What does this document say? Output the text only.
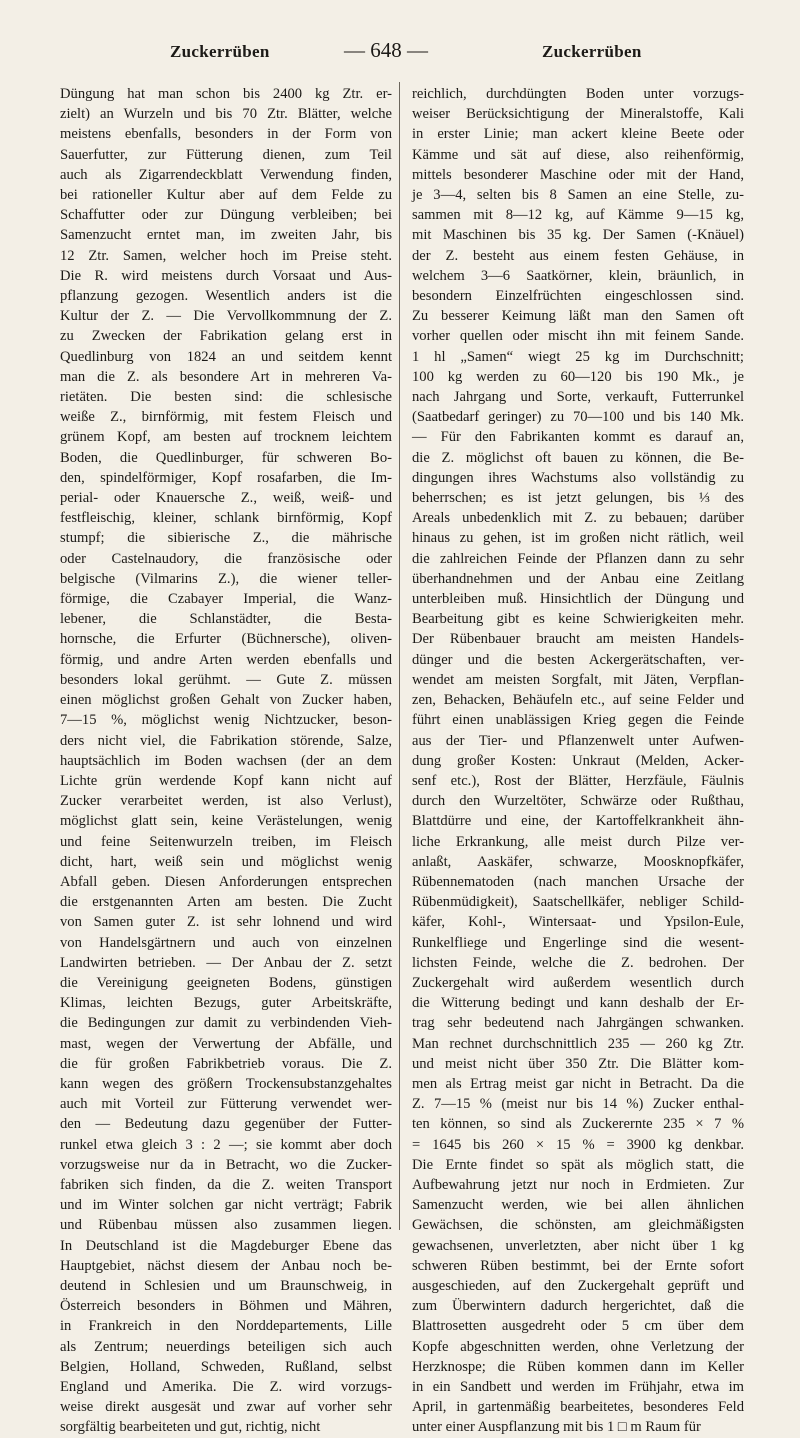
Zuckerrüben	— 648 —	Zuckerrüben

Düngung hat man schon bis 2400 kg Ztr. er-

zielt) an Wurzeln und bis 70 Ztr. Blätter, welche

meistens ebenfalls, besonders in der Form von

Sauerfutter, zur Fütterung dienen, zum Teil

auch als Zigarrendeckblatt Verwendung finden,

bei rationeller Kultur aber auf dem Felde zu

Schaffutter oder zur Düngung verbleiben; bei

Samenzucht erntet man, im zweiten Jahr, bis

12 Ztr. Samen, welcher hoch im Preise steht.

Die R. wird meistens durch Vorsaat und Aus-

pflanzung gezogen. Wesentlich anders ist die

Kultur der Z. — Die Vervollkommnung der Z.

zu Zwecken der Fabrikation gelang erst in

Quedlinburg von 1824 an und seitdem kennt

man die Z. als besondere Art in mehreren Va-

rietäten. Die besten sind: die schlesische

weiße Z., birnförmig, mit festem Fleisch und

grünem Kopf, am besten auf trocknem leichtem

Boden, die Quedlinburger, für schweren Bo-

den, spindelförmiger, Kopf rosafarben, die Im-

perial- oder Knauersche Z., weiß, weiß- und

festfleischig, kleiner, schlank birnförmig, Kopf

stumpf; die sibierische Z., die mährische

oder Castelnaudory, die französische oder

belgische (Vilmarins Z.), die wiener teller-

förmige, die Czabayer Imperial, die Wanz-

lebener, die Schlanstädter, die Besta-

hornsche, die Erfurter (Büchnersche), oliven-

förmig, und andre Arten werden ebenfalls und

besonders lokal gerühmt. — Gute Z. müssen

einen möglichst großen Gehalt von Zucker haben,

7—15 %, möglichst wenig Nichtzucker, beson-

ders nicht viel, die Fabrikation störende, Salze,

hauptsächlich im Boden wachsen (der an dem

Lichte grün werdende Kopf kann nicht auf

Zucker verarbeitet werden, ist also Verlust),

möglichst glatt sein, keine Verästelungen, wenig

und feine Seitenwurzeln treiben, im Fleisch

dicht, hart, weiß sein und möglichst wenig

Abfall geben. Diesen Anforderungen entsprechen

die erstgenannten Arten am besten. Die Zucht

von Samen guter Z. ist sehr lohnend und wird

von Handelsgärtnern und auch von einzelnen

Landwirten betrieben. — Der Anbau der Z. setzt

die Vereinigung geeigneten Bodens, günstigen

Klimas, leichten Bezugs, guter Arbeitskräfte,

die Bedingungen zur damit zu verbindenden Vieh-

mast, wegen der Verwertung der Abfälle, und

die für großen Fabrikbetrieb voraus. Die Z.

kann wegen des größern Trockensubstanzgehaltes

auch mit Vorteil zur Fütterung verwendet wer-

den — Bedeutung dazu gegenüber der Futter-

runkel etwa gleich 3 : 2 —; sie kommt aber doch

vorzugsweise nur da in Betracht, wo die Zucker-

fabriken sich finden, da die Z. weiten Transport

und im Winter solchen gar nicht verträgt; Fabrik

und Rübenbau müssen also zusammen liegen.

In Deutschland ist die Magdeburger Ebene das

Hauptgebiet, nächst diesem der Anbau noch be-

deutend in Schlesien und um Braunschweig, in

Österreich besonders in Böhmen und Mähren,

in Frankreich in den Norddepartements, Lille

als Zentrum; neuerdings beteiligen sich auch

Belgien, Holland, Schweden, Rußland, selbst

England und Amerika. Die Z. wird vorzugs-

weise direkt ausgesät und zwar auf vorher sehr

sorgfältig bearbeiteten und gut, richtig, nicht

reichlich, durchdüngten Boden unter vorzugs-

weiser Berücksichtigung der Mineralstoffe, Kali

in erster Linie; man ackert kleine Beete oder

Kämme und sät auf diese, also reihenförmig,

mittels besonderer Maschine oder mit der Hand,

je 3—4, selten bis 8 Samen an eine Stelle, zu-

sammen mit 8—12 kg, auf Kämme 9—15 kg,

mit Maschinen bis 35 kg. Der Samen (-Knäuel)

der Z. besteht aus einem festen Gehäuse, in

welchem 3—6 Saatkörner, klein, bräunlich, in

besondern Einzelfrüchten eingeschlossen sind.

Zu besserer Keimung läßt man den Samen oft

vorher quellen oder mischt ihn mit feinem Sande.

1 hl „Samen“ wiegt 25 kg im Durchschnitt;

100 kg werden zu 60—120 bis 190 Mk., je

nach Jahrgang und Sorte, verkauft, Futterrunkel

(Saatbedarf geringer) zu 70—100 und bis 140 Mk.

— Für den Fabrikanten kommt es darauf an,

die Z. möglichst oft bauen zu können, die Be-

dingungen ihres Wachstums also vollständig zu

beherrschen; es ist jetzt gelungen, bis ⅓ des

Areals unbedenklich mit Z. zu bebauen; darüber

hinaus zu gehen, ist im großen nicht rätlich, weil

die zahlreichen Feinde der Pflanzen dann zu sehr

überhandnehmen und der Anbau eine Zeitlang

unterbleiben muß. Hinsichtlich der Düngung und

Bearbeitung gibt es keine Schwierigkeiten mehr.

Der Rübenbauer braucht am meisten Handels-

dünger und die besten Ackergerätschaften, ver-

wendet am meisten Sorgfalt, mit Jäten, Verpflan-

zen, Behacken, Behäufeln etc., auf seine Felder und

führt einen unablässigen Krieg gegen die Feinde

aus der Tier- und Pflanzenwelt unter Aufwen-

dung großer Kosten: Unkraut (Melden, Acker-

senf etc.), Rost der Blätter, Herzfäule, Fäulnis

durch den Wurzeltöter, Schwärze oder Rußthau,

Blattdürre und eine, der Kartoffelkrankheit ähn-

liche Erkrankung, alle meist durch Pilze ver-

anlaßt, Aaskäfer, schwarze, Moosknopfkäfer,

Rübennematoden (nach manchen Ursache der

Rübenmüdigkeit), Saatschellkäfer, nebliger Schild-

käfer, Kohl-, Wintersaat- und Ypsilon-Eule,

Runkelfliege und Engerlinge sind die wesent-

lichsten Feinde, welche die Z. bedrohen. Der

Zuckergehalt wird außerdem wesentlich durch

die Witterung bedingt und kann deshalb der Er-

trag sehr bedeutend nach Jahrgängen schwanken.

Man rechnet durchschnittlich 235 — 260 kg Ztr.

und meist nicht über 350 Ztr. Die Blätter kom-

men als Ertrag meist gar nicht in Betracht. Da die

Z. 7—15 % (meist nur bis 14 %) Zucker enthal-

ten können, so sind als Zuckerernte 235 × 7 %

= 1645 bis 260 × 15 % = 3900 kg denkbar.

Die Ernte findet so spät als möglich statt, die

Aufbewahrung jetzt nur noch in Erdmieten. Zur

Samenzucht werden, wie bei allen ähnlichen

Gewächsen, die schönsten, am gleichmäßigsten

gewachsenen, unverletzten, aber nicht über 1 kg

schweren Rüben bestimmt, bei der Ernte sofort

ausgeschieden, auf den Zuckergehalt geprüft und

zum Überwintern dadurch hergerichtet, daß die

Blattrosetten ausgedreht oder 5 cm über dem

Kopfe abgeschnitten werden, ohne Verletzung der

Herzknospe; die Rüben kommen dann im Keller

in ein Sandbett und werden im Frühjahr, etwa im

April, in gartenmäßig bearbeitetes, besonderes Feld

unter einer Auspflanzung mit bis 1 □ m Raum für
